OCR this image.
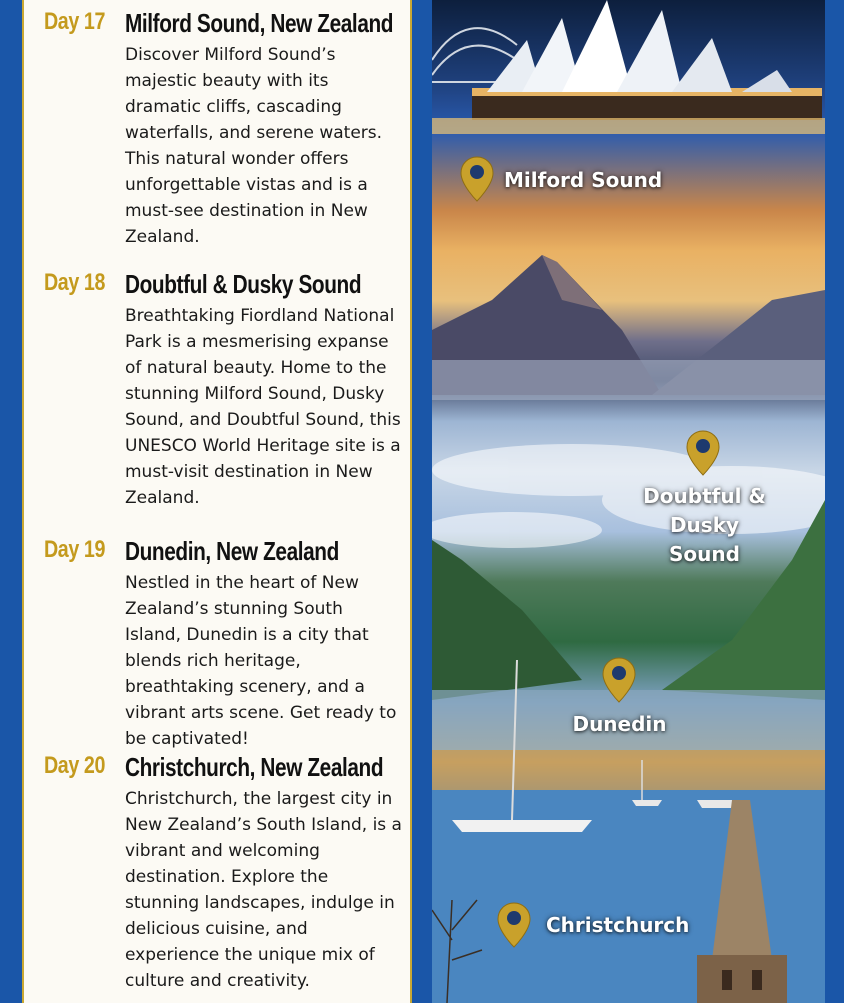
Day 17 Milford Sound, New Zealand
Discover Milford Sound’s majestic beauty with its dramatic cliffs, cascading waterfalls, and serene waters. This natural wonder offers unforgettable vistas and is a must-see destination in New Zealand.
Day 18 Doubtful & Dusky Sound
Breathtaking Fiordland National Park is a mesmerising expanse of natural beauty. Home to the stunning Milford Sound, Dusky Sound, and Doubtful Sound, this UNESCO World Heritage site is a must-visit destination in New Zealand.
Day 19 Dunedin, New Zealand
Nestled in the heart of New Zealand’s stunning South Island, Dunedin is a city that blends rich heritage, breathtaking scenery, and a vibrant arts scene. Get ready to be captivated!
Day 20 Christchurch, New Zealand
Christchurch, the largest city in New Zealand’s South Island, is a vibrant and welcoming destination. Explore the stunning landscapes, indulge in delicious cuisine, and experience the unique mix of culture and creativity.
Milford Sound
Doubtful &
Dusky Sound
Dunedin
Christchurch
